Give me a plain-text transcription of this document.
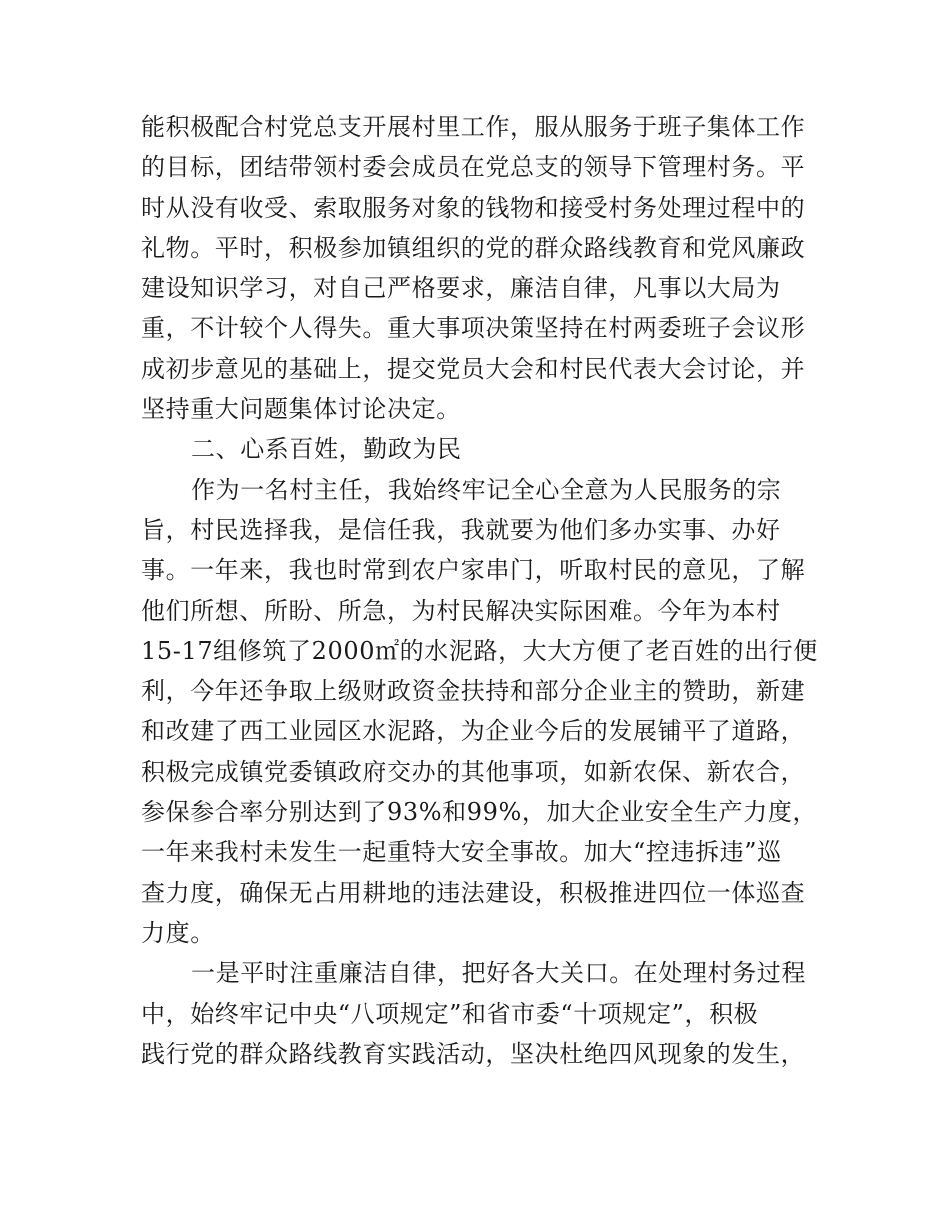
能积极配合村党总支开展村里工作，服从服务于班子集体工作
的目标，团结带领村委会成员在党总支的领导下管理村务。平
时从没有收受、索取服务对象的钱物和接受村务处理过程中的
礼物。平时，积极参加镇组织的党的群众路线教育和党风廉政
建设知识学习，对自己严格要求，廉洁自律，凡事以大局为
重，不计较个人得失。重大事项决策坚持在村两委班子会议形
成初步意见的基础上，提交党员大会和村民代表大会讨论，并
坚持重大问题集体讨论决定。
二、心系百姓，勤政为民
作为一名村主任，我始终牢记全心全意为人民服务的宗
旨，村民选择我，是信任我，我就要为他们多办实事、办好
事。一年来，我也时常到农户家串门，听取村民的意见，了解
他们所想、所盼、所急，为村民解决实际困难。今年为本村
15-17组修筑了2000㎡的水泥路，大大方便了老百姓的出行便
利，今年还争取上级财政资金扶持和部分企业主的赞助，新建
和改建了西工业园区水泥路，为企业今后的发展铺平了道路，
积极完成镇党委镇政府交办的其他事项，如新农保、新农合，
参保参合率分别达到了93%和99%，加大企业安全生产力度，
一年来我村未发生一起重特大安全事故。加大“控违拆违”巡
查力度，确保无占用耕地的违法建设，积极推进四位一体巡查
力度。
一是平时注重廉洁自律，把好各大关口。在处理村务过程
中，始终牢记中央“八项规定”和省市委“十项规定”，积极
践行党的群众路线教育实践活动，坚决杜绝四风现象的发生，
